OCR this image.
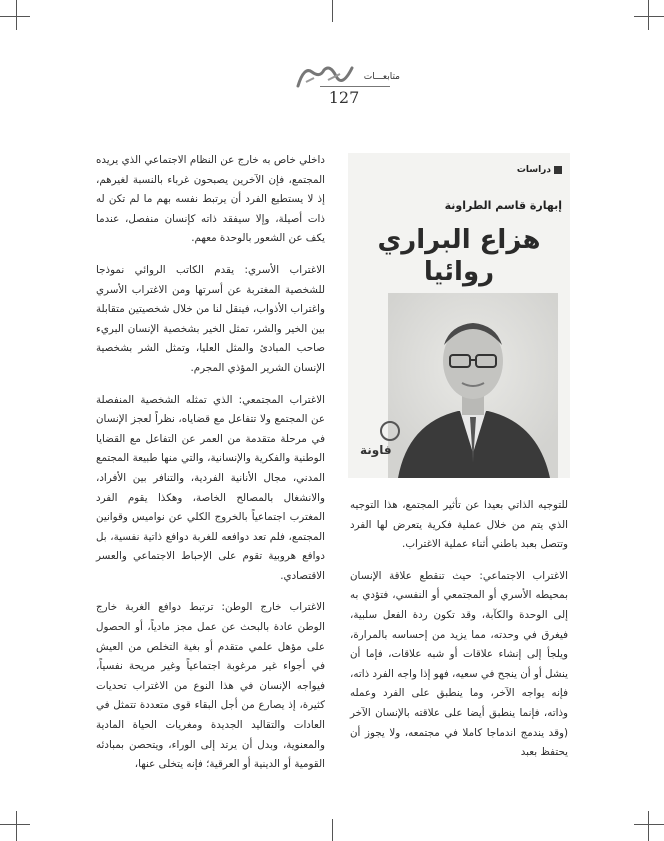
متابعـــات
127

داخلي خاص به خارج عن النظام الاجتماعي الذي يريده المجتمع، فإن الآخرين يصبحون غرباء بالنسبة لغيرهم، إذ لا يستطيع الفرد أن يرتبط نفسه بهم ما لم تكن له ذات أصيلة، وإلا سيفقد ذاته كإنسان منفصل، عندما يكف عن الشعور بالوحدة معهم.

الاغتراب الأسري: يقدم الكاتب الروائي نموذجا للشخصية المغتربة عن أسرتها ومن الاغتراب الأسري واغتراب الأذواب، فينقل لنا من خلال شخصيتين متقابلة بين الخير والشر، تمثل الخير بشخصية الإنسان البريء صاحب المبادئ والمثل العليا، وتمثل الشر بشخصية الإنسان الشرير المؤذي المجرم.

الاغتراب المجتمعي: الذي تمثله الشخصية المنفصلة عن المجتمع ولا تتفاعل مع قضاياه، نظراً لعجز الإنسان في مرحلة متقدمة من العمر عن التفاعل مع القضايا الوطنية والفكرية والإنسانية، والتي منها طبيعة المجتمع المدني، مجال الأنانية الفردية، والتنافر بين الأفراد، والانشغال بالمصالح الخاصة، وهكذا يقوم الفرد المغترب اجتماعياً بالخروج الكلي عن نواميس وقوانين المجتمع، فلم تعد دوافعه للغربة دوافع ذاتية نفسية، بل دوافع هروبية تقوم على الإحباط الاجتماعي والعسر الاقتصادي.

الاغتراب خارج الوطن: ترتبط دوافع الغربة خارج الوطن عادة بالبحث عن عمل مجز مادياً، أو الحصول على مؤهل علمي متقدم أو بغية التخلص من العيش في أجواء غير مرغوبة اجتماعياً وغير مريحة نفسياً، فيواجه الإنسان في هذا النوع من الاغتراب تحديات كثيرة، إذ يصارع من أجل البقاء قوى متعددة تتمثل في العادات والتقاليد الجديدة ومغريات الحياة المادية والمعنوية، وبدل أن يرتد إلى الوراء، ويتحصن بمبادئه القومية أو الدينية أو العرقية؛ فإنه يتخلى عنها،

دراسات
إبهارة قاسم الطراونة
هزاع البراري
روائيا
فاونة

للتوجيه الذاتي بعيدا عن تأثير المجتمع، هذا التوجيه الذي يتم من خلال عملية فكرية يتعرض لها الفرد وتتصل بعبد باطني أثناء عملية الاغتراب.

الاغتراب الاجتماعي: حيث تنقطع علاقة الإنسان بمحيطه الأسري أو المجتمعي أو النفسي، فتؤدي به إلى الوحدة والكآبة، وقد تكون ردة الفعل سلبية، فيغرق في وحدته، مما يزيد من إحساسه بالمرارة، ويلجأ إلى إنشاء علاقات أو شبه علاقات، فإما أن ينشل أو أن ينجح في سعيه، فهو إذا واجه الفرد ذاته، فإنه يواجه الآخر، وما ينطبق على الفرد وعمله وذاته، فإنما ينطبق أيضا على علاقته بالإنسان الآخر (وقد يندمج اندماجا كاملا في مجتمعه، ولا يجوز أن يحتفظ بعبد
